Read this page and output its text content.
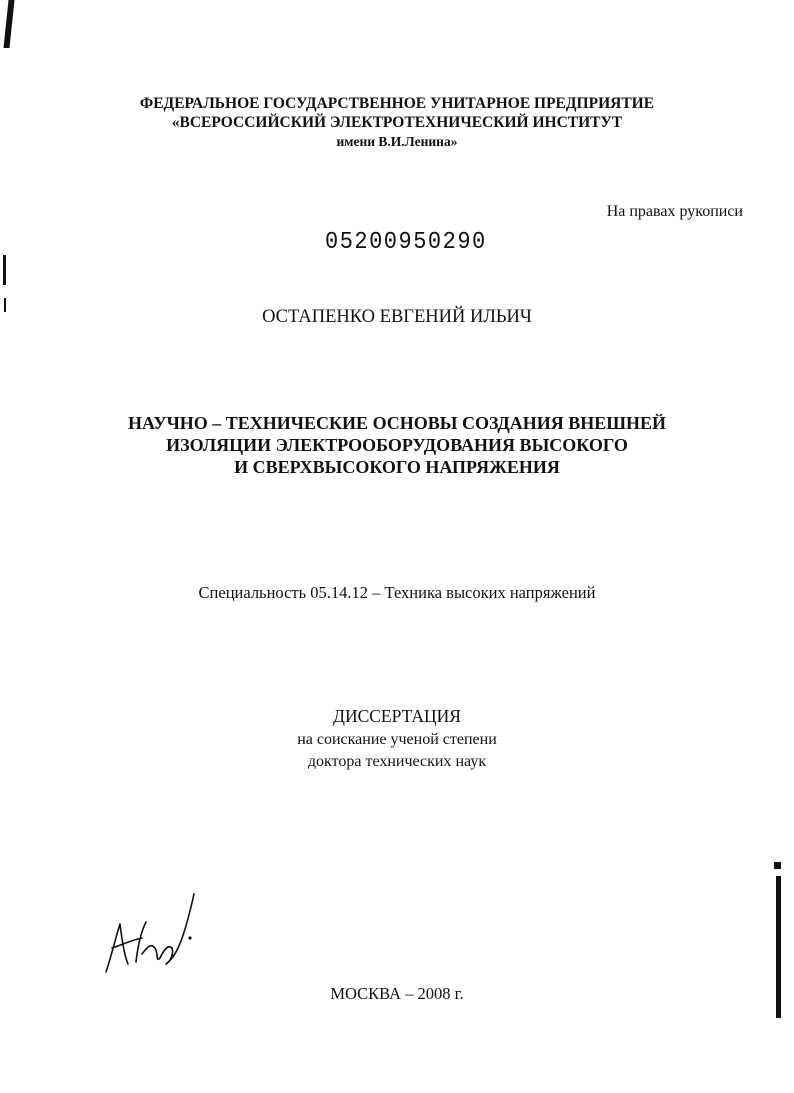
ФЕДЕРАЛЬНОЕ ГОСУДАРСТВЕННОЕ УНИТАРНОЕ ПРЕДПРИЯТИЕ
«ВСЕРОССИЙСКИЙ ЭЛЕКТРОТЕХНИЧЕСКИЙ ИНСТИТУТ
имени В.И.Ленина»
На правах рукописи
05200950290
ОСТАПЕНКО ЕВГЕНИЙ ИЛЬИЧ
НАУЧНО – ТЕХНИЧЕСКИЕ ОСНОВЫ СОЗДАНИЯ ВНЕШНЕЙ
ИЗОЛЯЦИИ ЭЛЕКТРООБОРУДОВАНИЯ ВЫСОКОГО
И СВЕРХВЫСОКОГО НАПРЯЖЕНИЯ
Специальность 05.14.12 – Техника высоких напряжений
ДИССЕРТАЦИЯ
на соискание ученой степени
доктора технических наук
МОСКВА – 2008 г.
